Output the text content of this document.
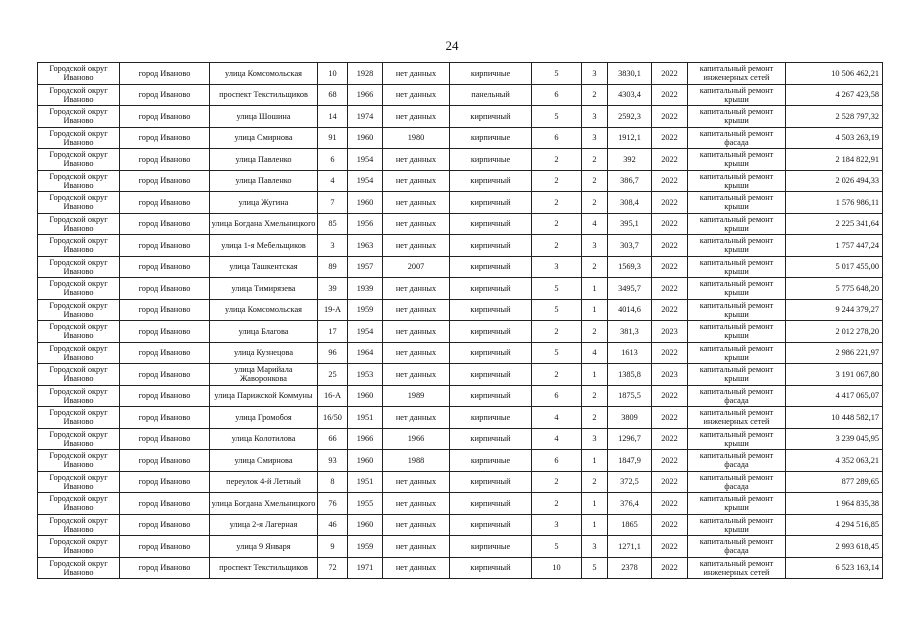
24
Городской округ Иваново	город Иваново	улица Комсомольская	10	1928	нет данных	кирпичные	5	3	3830,1	2022	капитальный ремонт инженерных сетей	10 506 462,21
Городской округ Иваново	город Иваново	проспект Текстильщиков	68	1966	нет данных	панельный	6	2	4303,4	2022	капитальный ремонт крыши	4 267 423,58
Городской округ Иваново	город Иваново	улица Шошина	14	1974	нет данных	кирпичный	5	3	2592,3	2022	капитальный ремонт крыши	2 528 797,32
Городской округ Иваново	город Иваново	улица Смирнова	91	1960	1980	кирпичные	6	3	1912,1	2022	капитальный ремонт фасада	4 503 263,19
Городской округ Иваново	город Иваново	улица Павленко	6	1954	нет данных	кирпичные	2	2	392	2022	капитальный ремонт крыши	2 184 822,91
Городской округ Иваново	город Иваново	улица Павленко	4	1954	нет данных	кирпичный	2	2	386,7	2022	капитальный ремонт крыши	2 026 494,33
Городской округ Иваново	город Иваново	улица Жугина	7	1960	нет данных	кирпичный	2	2	308,4	2022	капитальный ремонт крыши	1 576 986,11
Городской округ Иваново	город Иваново	улица Богдана Хмельницкого	85	1956	нет данных	кирпичный	2	4	395,1	2022	капитальный ремонт крыши	2 225 341,64
Городской округ Иваново	город Иваново	улица 1-я Мебельщиков	3	1963	нет данных	кирпичный	2	3	303,7	2022	капитальный ремонт крыши	1 757 447,24
Городской округ Иваново	город Иваново	улица Ташкентская	89	1957	2007	кирпичный	3	2	1569,3	2022	капитальный ремонт крыши	5 017 455,00
Городской округ Иваново	город Иваново	улица Тимирязева	39	1939	нет данных	кирпичный	5	1	3495,7	2022	капитальный ремонт крыши	5 775 648,20
Городской округ Иваново	город Иваново	улица Комсомольская	19-А	1959	нет данных	кирпичный	5	1	4014,6	2022	капитальный ремонт крыши	9 244 379,27
Городской округ Иваново	город Иваново	улица Благова	17	1954	нет данных	кирпичный	2	2	381,3	2023	капитальный ремонт крыши	2 012 278,20
Городской округ Иваново	город Иваново	улица Кузнецова	96	1964	нет данных	кирпичный	5	4	1613	2022	капитальный ремонт крыши	2 986 221,97
Городской округ Иваново	город Иваново	улица Марийала Жаворонкова	25	1953	нет данных	кирпичный	2	1	1385,8	2023	капитальный ремонт крыши	3 191 067,80
Городской округ Иваново	город Иваново	улица Парижской Коммуны	16-А	1960	1989	кирпичный	6	2	1875,5	2022	капитальный ремонт фасада	4 417 065,07
Городской округ Иваново	город Иваново	улица Громобоя	16/50	1951	нет данных	кирпичные	4	2	3809	2022	капитальный ремонт инженерных сетей	10 448 582,17
Городской округ Иваново	город Иваново	улица Колотилова	66	1966	1966	кирпичный	4	3	1296,7	2022	капитальный ремонт крыши	3 239 045,95
Городской округ Иваново	город Иваново	улица Смирнова	93	1960	1988	кирпичные	6	1	1847,9	2022	капитальный ремонт фасада	4 352 063,21
Городской округ Иваново	город Иваново	переулок 4-й Летный	8	1951	нет данных	кирпичный	2	2	372,5	2022	капитальный ремонт фасада	877 289,65
Городской округ Иваново	город Иваново	улица Богдана Хмельницкого	76	1955	нет данных	кирпичный	2	1	376,4	2022	капитальный ремонт крыши	1 964 835,38
Городской округ Иваново	город Иваново	улица 2-я Лагерная	46	1960	нет данных	кирпичный	3	1	1865	2022	капитальный ремонт крыши	4 294 516,85
Городской округ Иваново	город Иваново	улица 9 Января	9	1959	нет данных	кирпичные	5	3	1271,1	2022	капитальный ремонт фасада	2 993 618,45
Городской округ Иваново	город Иваново	проспект Текстильщиков	72	1971	нет данных	кирпичный	10	5	2378	2022	капитальный ремонт инженерных сетей	6 523 163,14
